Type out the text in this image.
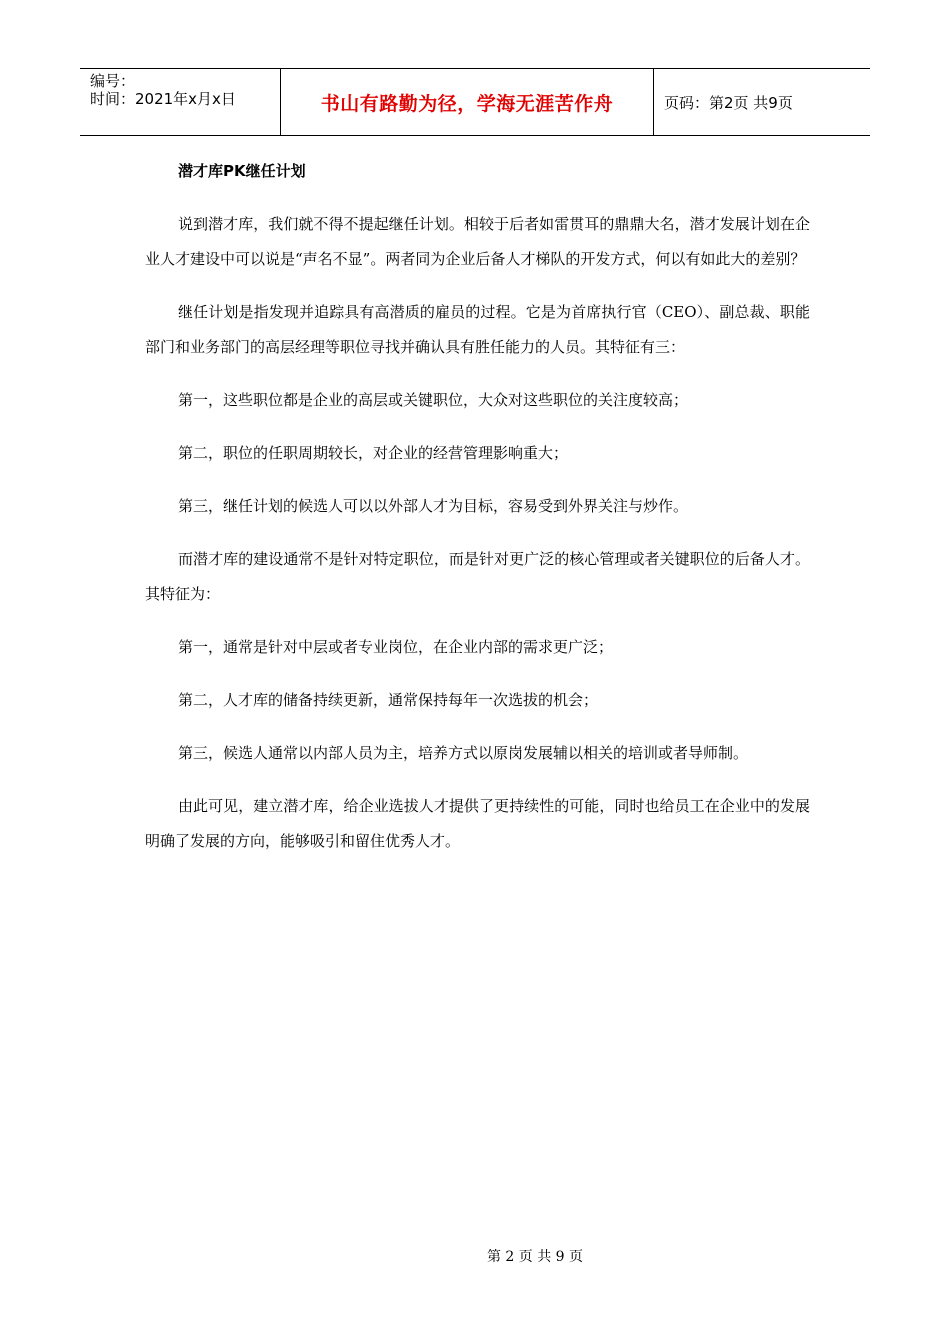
编号：
时间：2021年x月x日	书山有路勤为径，学海无涯苦作舟	页码：第2页 共9页
潜才库PK继任计划

说到潜才库，我们就不得不提起继任计划。相较于后者如雷贯耳的鼎鼎大名，潜才发展计划在企业人才建设中可以说是“声名不显”。两者同为企业后备人才梯队的开发方式，何以有如此大的差别？

继任计划是指发现并追踪具有高潜质的雇员的过程。它是为首席执行官（CEO）、副总裁、职能部门和业务部门的高层经理等职位寻找并确认具有胜任能力的人员。其特征有三：

第一，这些职位都是企业的高层或关键职位，大众对这些职位的关注度较高；

第二，职位的任职周期较长，对企业的经营管理影响重大；

第三，继任计划的候选人可以以外部人才为目标，容易受到外界关注与炒作。

而潜才库的建设通常不是针对特定职位，而是针对更广泛的核心管理或者关键职位的后备人才。其特征为：

第一，通常是针对中层或者专业岗位，在企业内部的需求更广泛；

第二，人才库的储备持续更新，通常保持每年一次选拔的机会；

第三，候选人通常以内部人员为主，培养方式以原岗发展辅以相关的培训或者导师制。

由此可见，建立潜才库，给企业选拔人才提供了更持续性的可能，同时也给员工在企业中的发展明确了发展的方向，能够吸引和留住优秀人才。

第 2 页 共 9 页
